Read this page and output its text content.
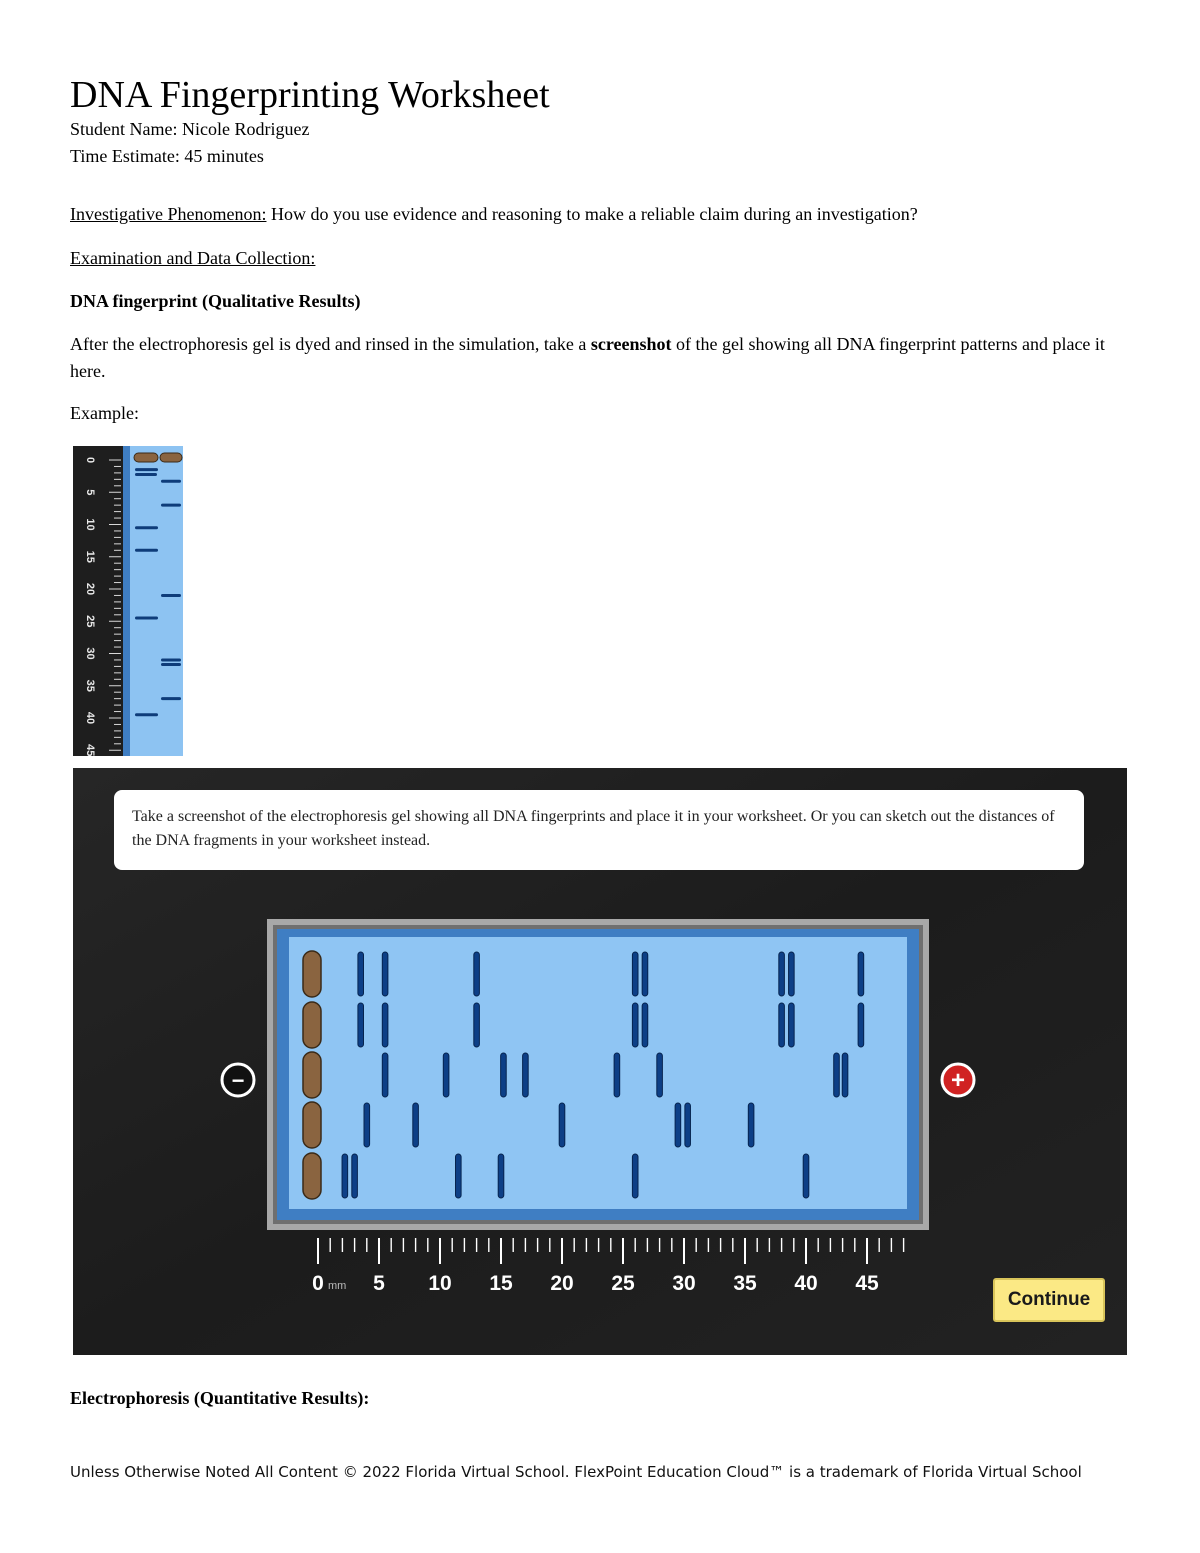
DNA Fingerprinting Worksheet
Student Name: Nicole Rodriguez
Time Estimate: 45 minutes
Investigative Phenomenon: How do you use evidence and reasoning to make a reliable claim during an investigation?
Examination and Data Collection:
DNA fingerprint (Qualitative Results)
After the electrophoresis gel is dyed and rinsed in the simulation, take a screenshot of the gel showing all DNA fingerprint patterns and place it here.
Example:
0
5
10
15
20
25
30
35
40
45
−	+
0 5 10 15 20 25 30 35 40 45
mm
Take a screenshot of the electrophoresis gel showing all DNA fingerprints and place it in your worksheet. Or you can sketch out the distances of the DNA fragments in your worksheet instead.
Continue
Electrophoresis (Quantitative Results):
Unless Otherwise Noted All Content © 2022 Florida Virtual School. FlexPoint Education Cloud™ is a trademark of Florida Virtual School
